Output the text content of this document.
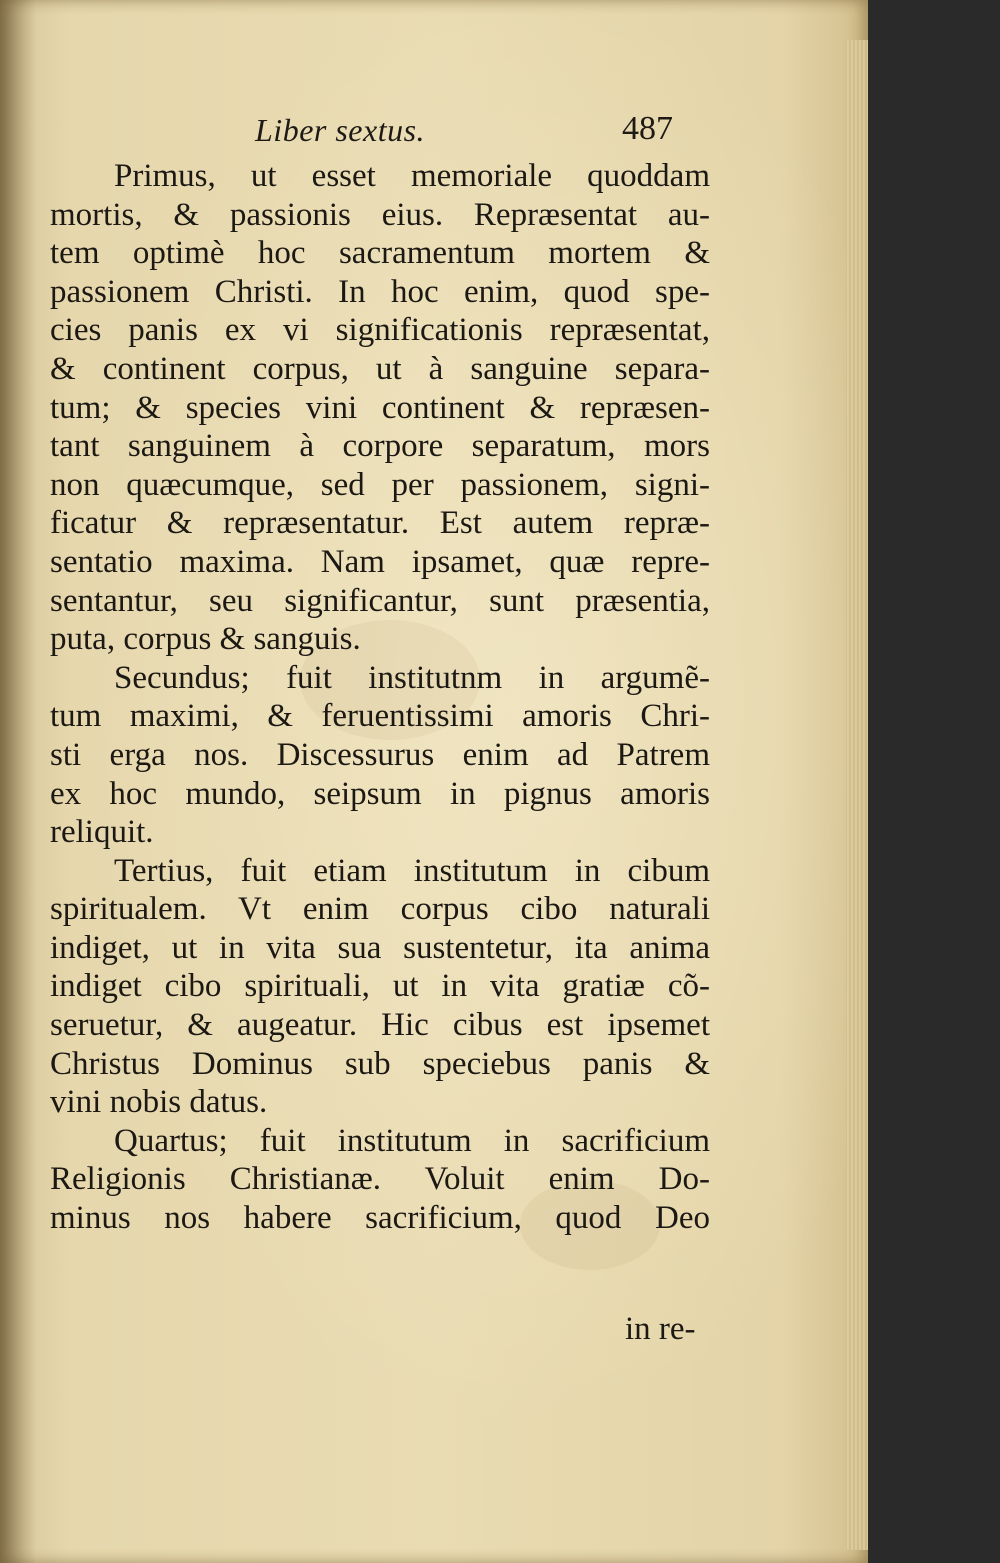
Liber sextus.	487
Primus, ut esset memoriale quoddam
mortis, & passionis eius. Repræsentat au-
tem optimè hoc sacramentum mortem &
passionem Christi. In hoc enim, quod spe-
cies panis ex vi significationis repræsentat,
& continent corpus, ut à sanguine separa-
tum; & species vini continent & repræsen-
tant sanguinem à corpore separatum, mors
non quæcumque, sed per passionem, signi-
ficatur & repræsentatur. Est autem repræ-
sentatio maxima. Nam ipsamet, quæ repre-
sentantur, seu significantur, sunt præsentia,
puta, corpus & sanguis.
Secundus; fuit institutnm in argumẽ-
tum maximi, & feruentissimi amoris Chri-
sti erga nos. Discessurus enim ad Patrem
ex hoc mundo, seipsum in pignus amoris
reliquit.
Tertius, fuit etiam institutum in cibum
spiritualem. Vt enim corpus cibo naturali
indiget, ut in vita sua sustentetur, ita anima
indiget cibo spirituali, ut in vita gratiæ cõ-
seruetur, & augeatur. Hic cibus est ipsemet
Christus Dominus sub speciebus panis &
vini nobis datus.
Quartus; fuit institutum in sacrificium
Religionis Christianæ. Voluit enim Do-
minus nos habere sacrificium, quod Deo
in re-
